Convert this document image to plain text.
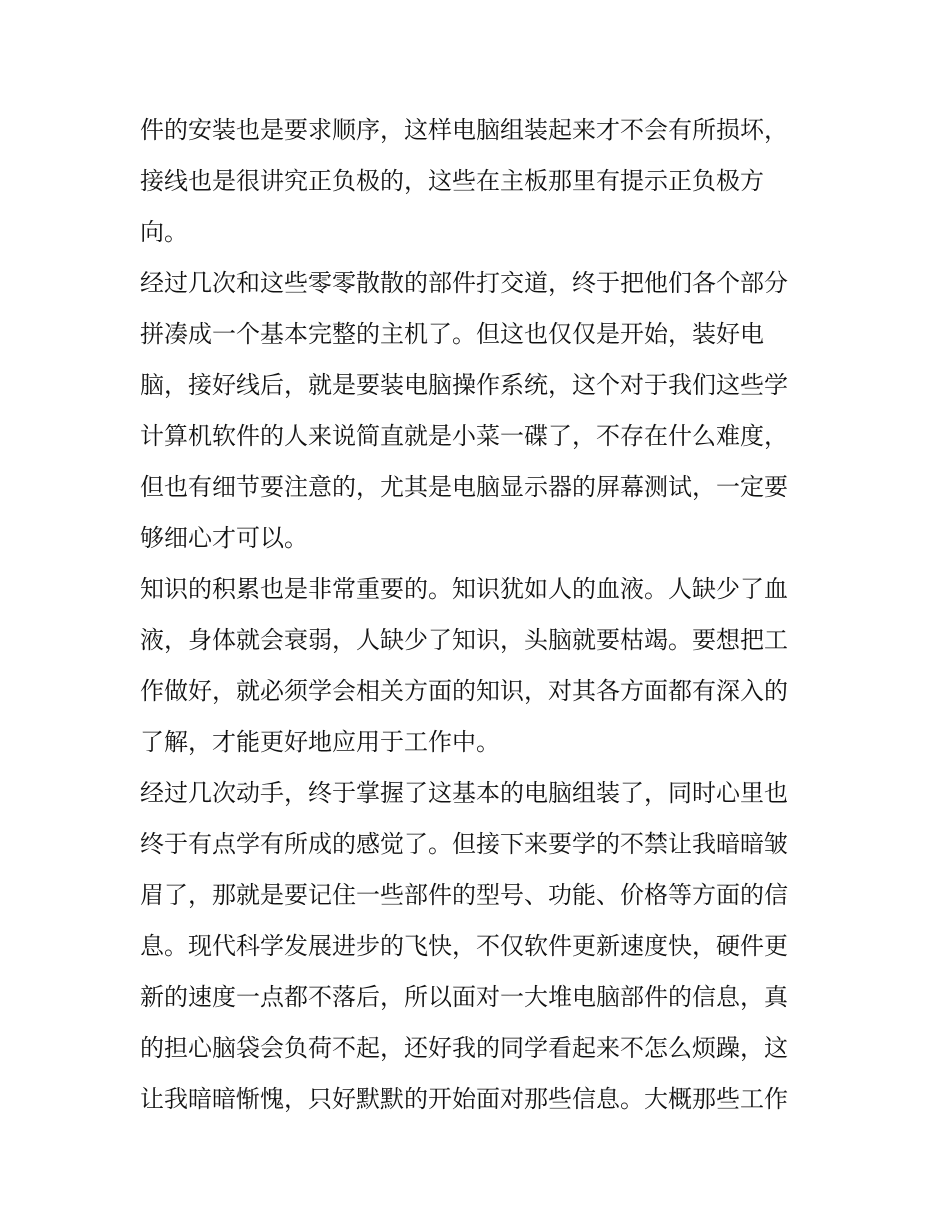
件的安装也是要求顺序，这样电脑组装起来才不会有所损坏，
接线也是很讲究正负极的，这些在主板那里有提示正负极方
向。
经过几次和这些零零散散的部件打交道，终于把他们各个部分
拼凑成一个基本完整的主机了。但这也仅仅是开始，装好电
脑，接好线后，就是要装电脑操作系统，这个对于我们这些学
计算机软件的人来说简直就是小菜一碟了，不存在什么难度，
但也有细节要注意的，尤其是电脑显示器的屏幕测试，一定要
够细心才可以。
知识的积累也是非常重要的。知识犹如人的血液。人缺少了血
液，身体就会衰弱，人缺少了知识，头脑就要枯竭。要想把工
作做好，就必须学会相关方面的知识，对其各方面都有深入的
了解，才能更好地应用于工作中。
经过几次动手，终于掌握了这基本的电脑组装了，同时心里也
终于有点学有所成的感觉了。但接下来要学的不禁让我暗暗皱
眉了，那就是要记住一些部件的型号、功能、价格等方面的信
息。现代科学发展进步的飞快，不仅软件更新速度快，硬件更
新的速度一点都不落后，所以面对一大堆电脑部件的信息，真
的担心脑袋会负荷不起，还好我的同学看起来不怎么烦躁，这
让我暗暗惭愧，只好默默的开始面对那些信息。大概那些工作
